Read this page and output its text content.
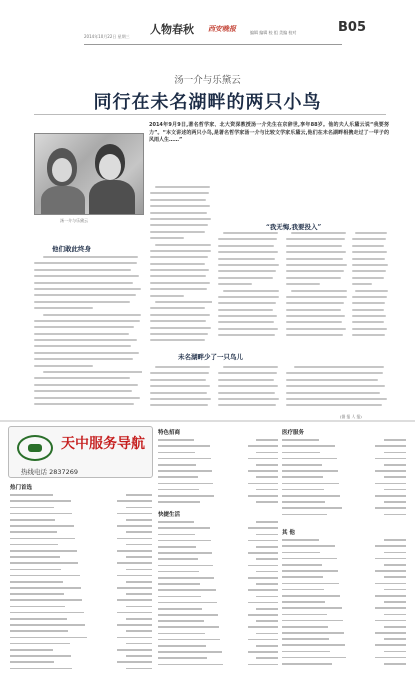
2014年10月22日 星期三
人物春秋 西安晚报	编辑 编辑 校 组 美编 校对	B05
汤一介与乐黛云
同行在未名湖畔的两只小鸟
2014年9月9日,著名哲学家、北大资深教授汤一介先生在京辞世,享年88岁。他的夫人乐黛云说“我要努力”。“本文讲述的两只小鸟,是著名哲学家汤一介与比较文学家乐黛云,他们在未名湖畔相携走过了一甲子的风雨人生……”
汤一介与乐黛云
他们敢此终身
“我无悔,我要投入”
未名湖畔少了一只鸟儿
(据 报 人 报)
天中服务导航
热线电话 2837269
热门首选
特色招商
快捷生活
医疗服务
其 他
